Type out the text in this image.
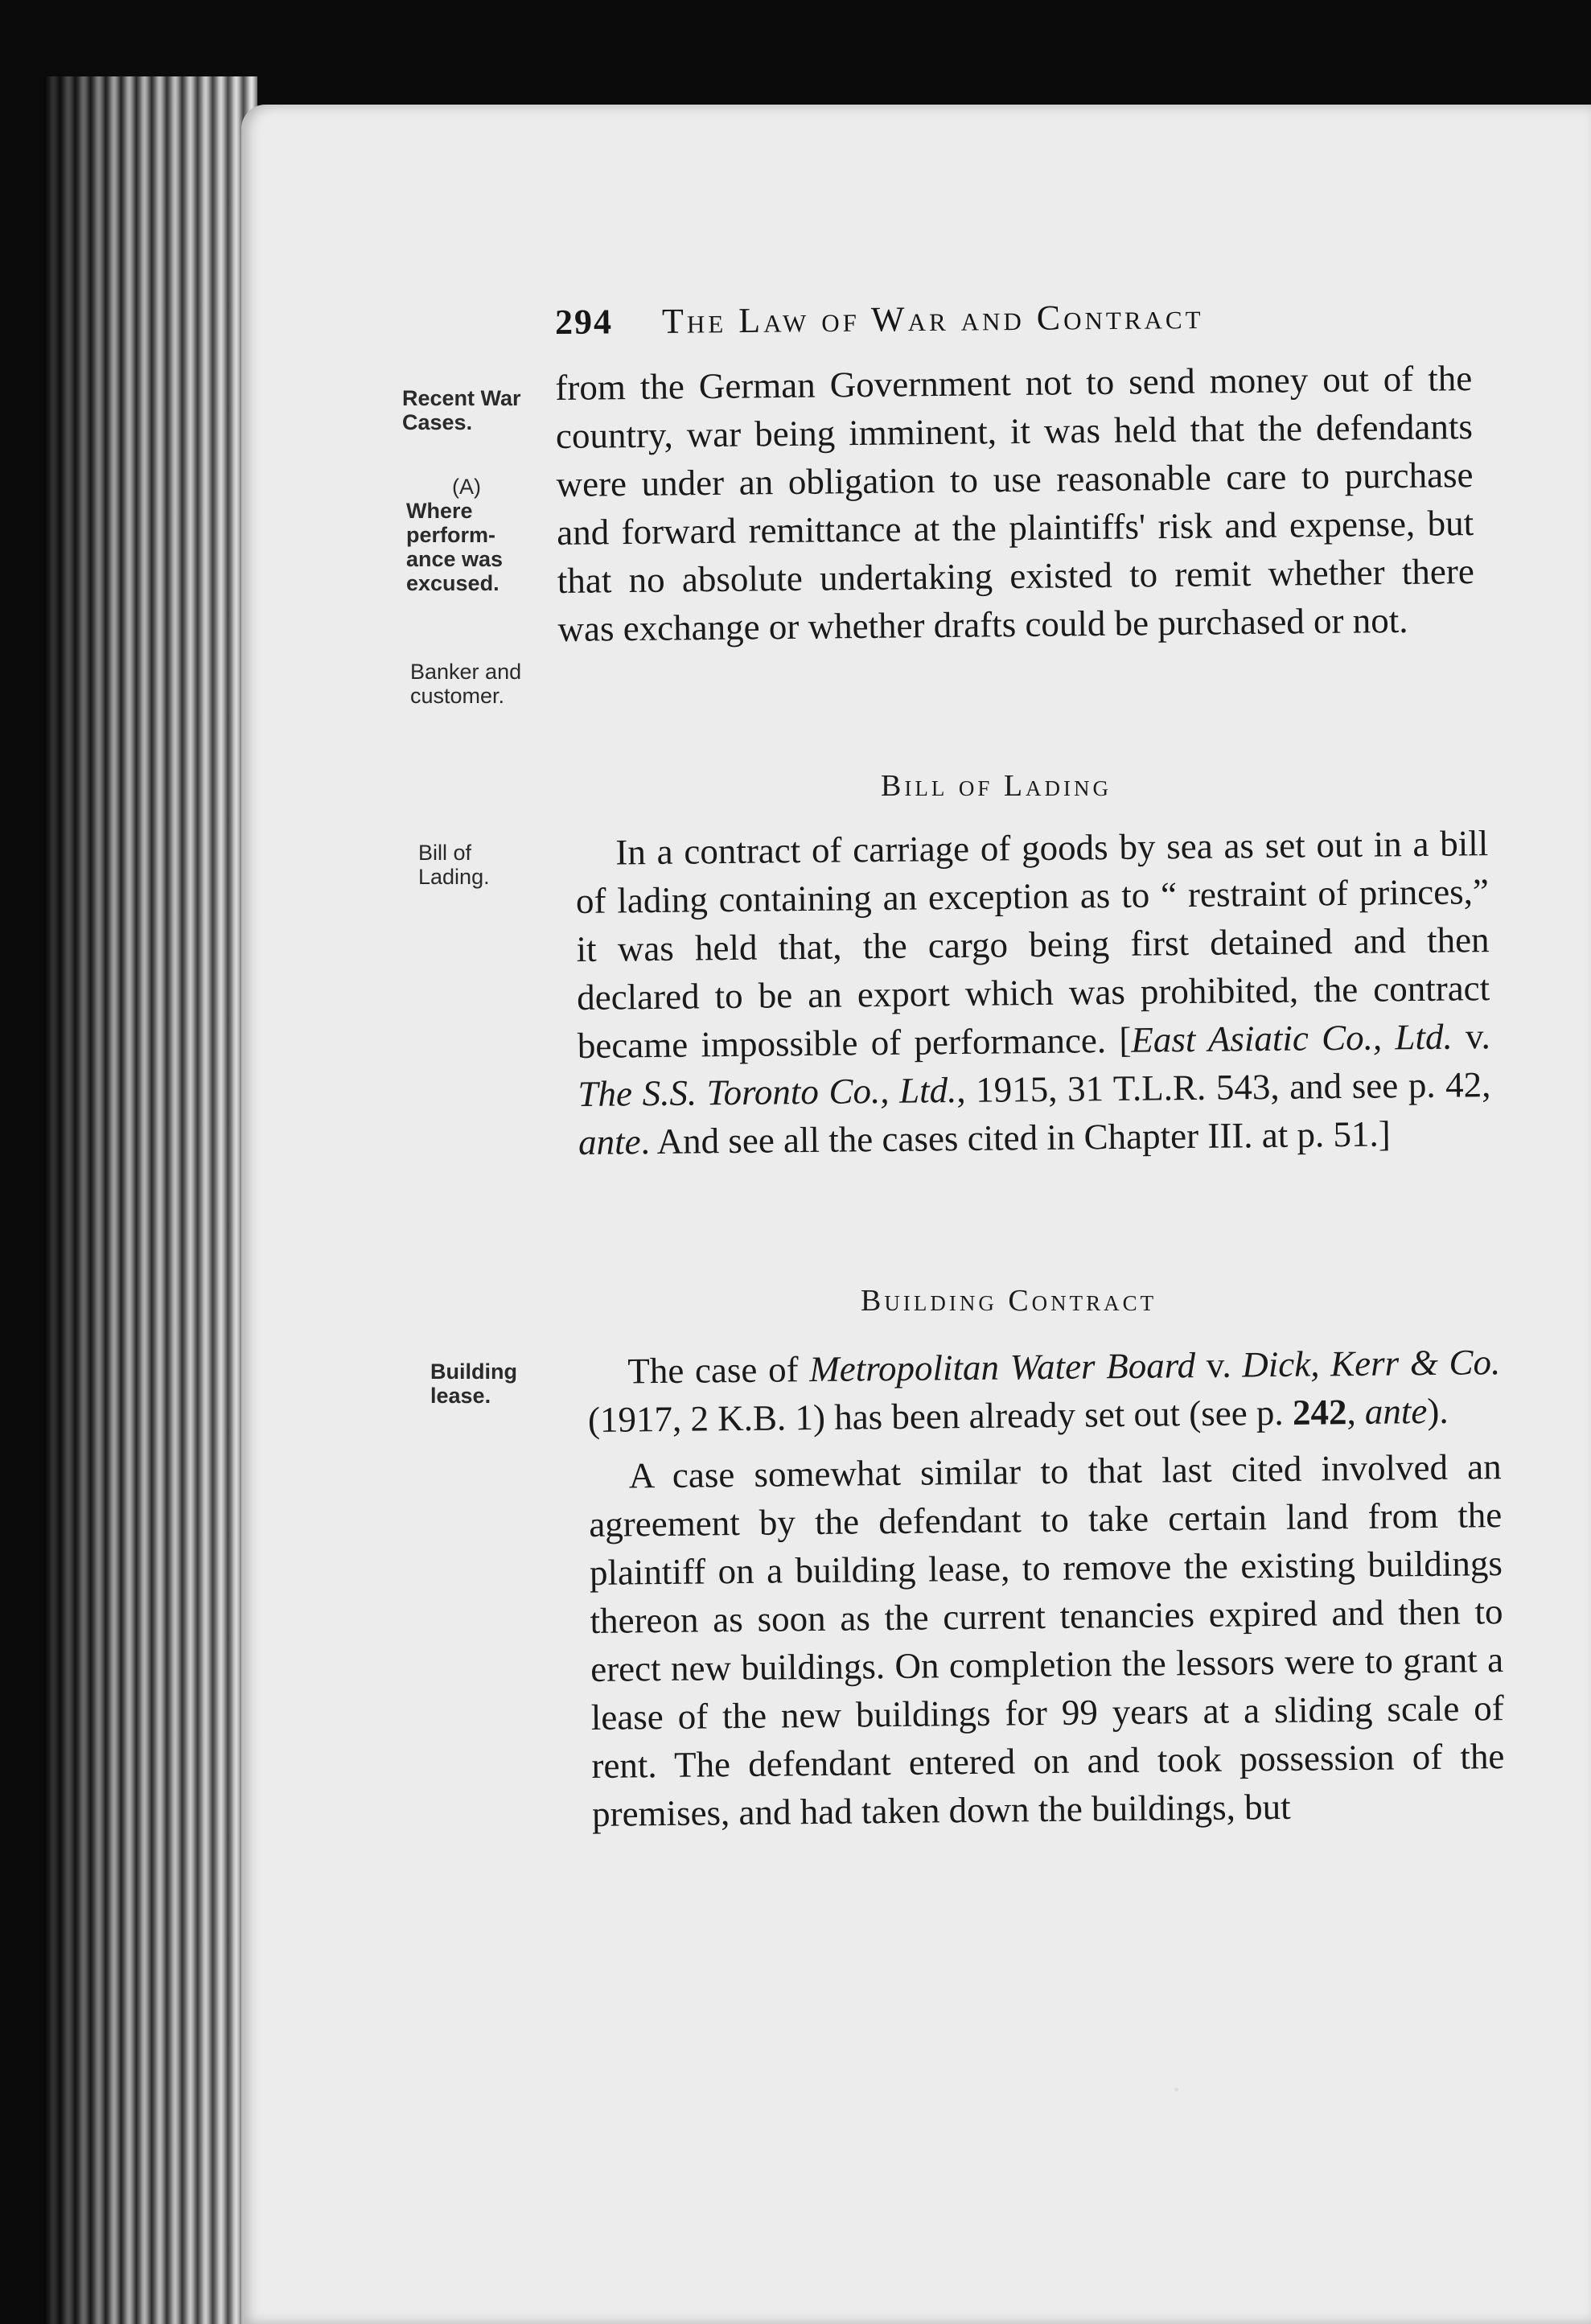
294 The Law of War and Contract
Recent War Cases.
(A)
Where perform-ance was excused.
Banker and customer.
Bill of Lading.
Building lease.

from the German Government not to send money out of the country, war being imminent, it was held that the defendants were under an obligation to use reasonable care to purchase and forward remittance at the plaintiffs' risk and expense, but that no absolute undertaking existed to remit whether there was exchange or whether drafts could be purchased or not.

Bill of Lading

In a contract of carriage of goods by sea as set out in a bill of lading containing an exception as to “ restraint of princes,” it was held that, the cargo being first detained and then declared to be an export which was prohibited, the contract became impossible of performance. [East Asiatic Co., Ltd. v. The S.S. Toronto Co., Ltd., 1915, 31 T.L.R. 543, and see p. 42, ante. And see all the cases cited in Chapter III. at p. 51.]

Building Contract

The case of Metropolitan Water Board v. Dick, Kerr & Co. (1917, 2 K.B. 1) has been already set out (see p. 242, ante).

A case somewhat similar to that last cited involved an agreement by the defendant to take certain land from the plaintiff on a building lease, to remove the existing buildings thereon as soon as the current tenancies expired and then to erect new buildings. On completion the lessors were to grant a lease of the new buildings for 99 years at a sliding scale of rent. The defendant entered on and took possession of the premises, and had taken down the buildings, but
